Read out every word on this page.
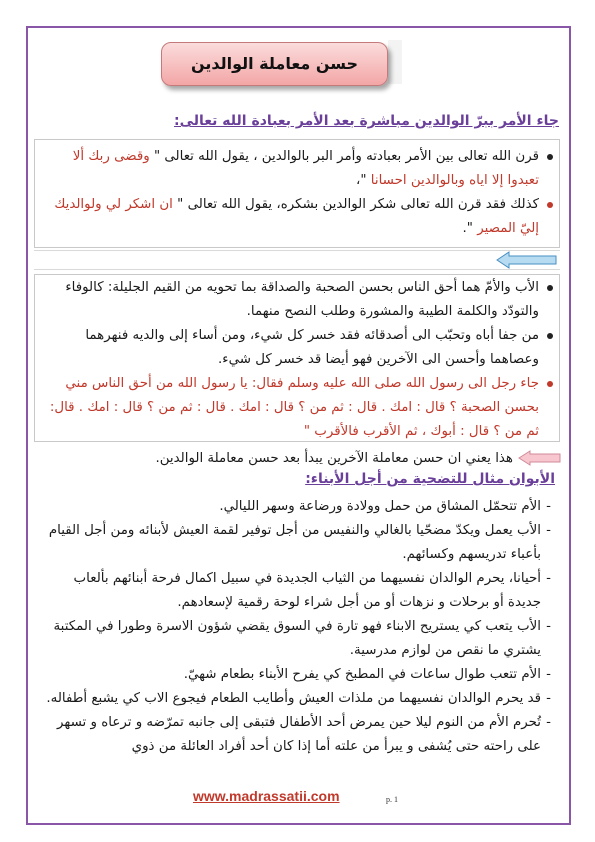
حسن معاملة الوالدين
جاء الأمر ببرّ الوالدين مباشرة بعد الأمر بعبادة الله تعالى:
قرن الله تعالى بين الأمر بعبادته وأمر البر بالوالدين ، يقول الله تعالى " وقضى ربك ألا تعبدوا إلا اياه وبالوالدين احسانا "،
كذلك فقد قرن الله تعالى شكر الوالدين بشكره، يقول الله تعالى " ان اشكر لي ولوالديك إليّ المصير ".
الأب والأمّ هما أحق الناس بحسن الصحبة والصداقة بما تحويه من القيم الجليلة: كالوفاء والتودّد والكلمة الطيبة والمشورة وطلب النصح منهما.
من جفا أباه وتحبّب الى أصدقائه فقد خسر كل شيء، ومن أساء إلى والديه فنهرهما وعصاهما وأحسن الى الآخرين فهو أيضا قد خسر كل شيء.
جاء رجل الى رسول الله صلى الله عليه وسلم فقال: يا رسول الله من أحق الناس مني بحسن الصحبة ؟ قال : امك . قال : ثم من ؟ قال : امك . قال : ثم من ؟ قال : امك . قال: ثم من ؟ قال : أبوك ، ثم الأقرب فالأقرب "
هذا يعني ان حسن معاملة الآخرين يبدأ بعد حسن معاملة الوالدين.
الأبوان مثال للتضحية من أجل الأبناء:
-
الأم تتحمّل المشاق من حمل وولادة ورضاعة وسهر الليالي.
-
الأب يعمل ويكدّ مضحّيا بالغالي والنفيس من أجل توفير لقمة العيش لأبنائه ومن أجل القيام بأعباء تدريسهم وكسائهم.
-
أحيانا، يحرم الوالدان نفسيهما من الثياب الجديدة في سبيل اكمال فرحة أبنائهم بألعاب جديدة أو برحلات و نزهات أو من أجل شراء لوحة رقمية لإسعادهم.
-
الأب يتعب كي يستريح الابناء فهو تارة في السوق يقضي شؤون الاسرة وطورا في المكتبة يشتري ما نقص من لوازم مدرسية.
-
الأم تتعب طوال ساعات في المطبخ كي يفرح الأبناء بطعام شهيّ.
-
قد يحرم الوالدان نفسيهما من ملذات العيش وأطايب الطعام فيجوع الاب كي يشبع أطفاله.
-
تُحرم الأم من النوم ليلا حين يمرض أحد الأطفال فتبقى إلى جانبه تمرّضه و ترعاه و تسهر على راحته حتى يُشفى و يبرأ من علته أما إذا كان أحد أفراد العائلة من ذوي
www.madrassatii.com	p. 1
